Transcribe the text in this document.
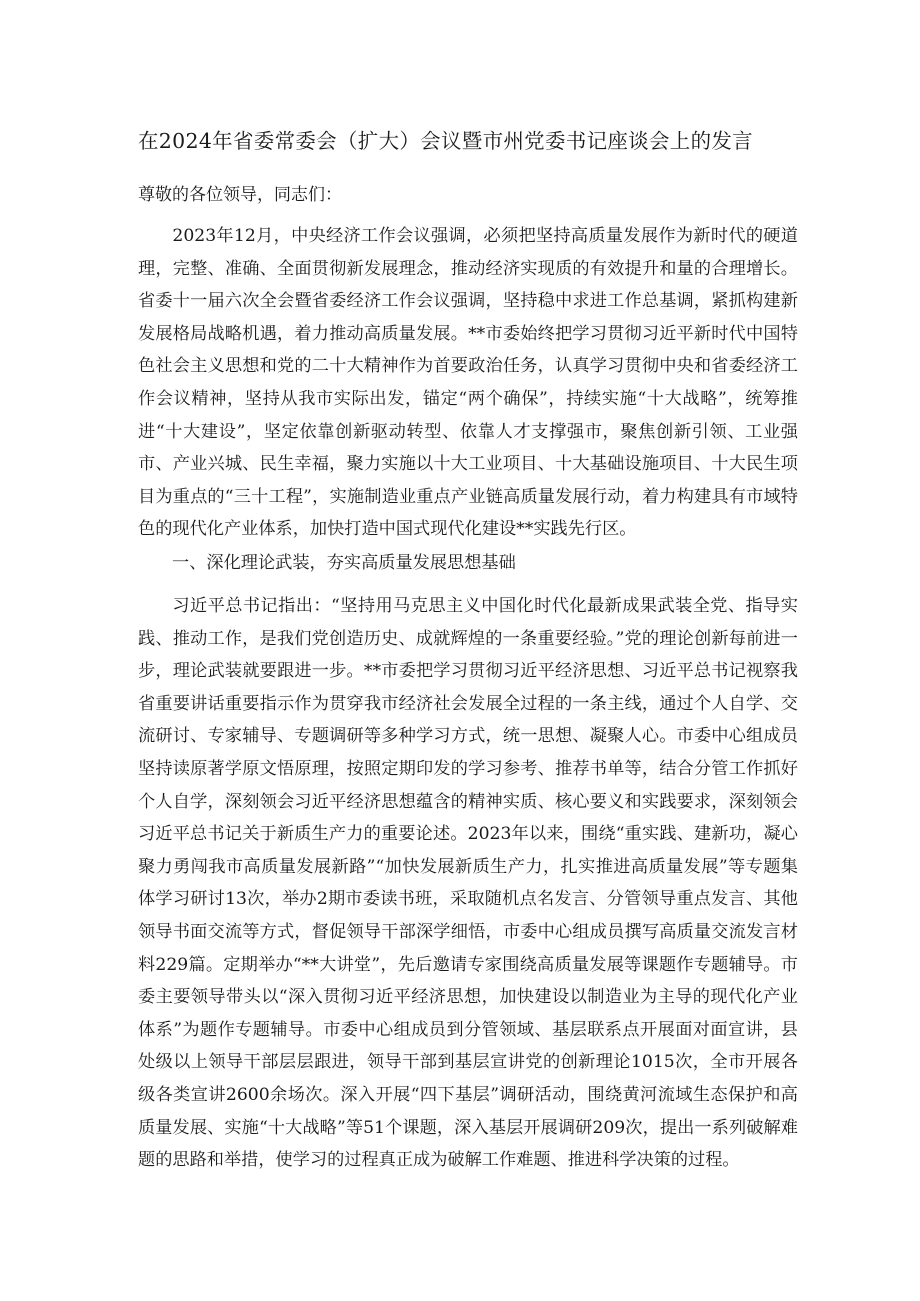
在2024年省委常委会（扩大）会议暨市州党委书记座谈会上的发言
尊敬的各位领导，同志们：

2023年12月，中央经济工作会议强调，必须把坚持高质量发展作为新时代的硬道理，完整、准确、全面贯彻新发展理念，推动经济实现质的有效提升和量的合理增长。省委十一届六次全会暨省委经济工作会议强调，坚持稳中求进工作总基调，紧抓构建新发展格局战略机遇，着力推动高质量发展。**市委始终把学习贯彻习近平新时代中国特色社会主义思想和党的二十大精神作为首要政治任务，认真学习贯彻中央和省委经济工作会议精神，坚持从我市实际出发，锚定“两个确保”，持续实施“十大战略”，统筹推进“十大建设”，坚定依靠创新驱动转型、依靠人才支撑强市，聚焦创新引领、工业强市、产业兴城、民生幸福，聚力实施以十大工业项目、十大基础设施项目、十大民生项目为重点的“三十工程”，实施制造业重点产业链高质量发展行动，着力构建具有市域特色的现代化产业体系，加快打造中国式现代化建设**实践先行区。

一、深化理论武装，夯实高质量发展思想基础

习近平总书记指出：“坚持用马克思主义中国化时代化最新成果武装全党、指导实践、推动工作，是我们党创造历史、成就辉煌的一条重要经验。”党的理论创新每前进一步，理论武装就要跟进一步。**市委把学习贯彻习近平经济思想、习近平总书记视察我省重要讲话重要指示作为贯穿我市经济社会发展全过程的一条主线，通过个人自学、交流研讨、专家辅导、专题调研等多种学习方式，统一思想、凝聚人心。市委中心组成员坚持读原著学原文悟原理，按照定期印发的学习参考、推荐书单等，结合分管工作抓好个人自学，深刻领会习近平经济思想蕴含的精神实质、核心要义和实践要求，深刻领会习近平总书记关于新质生产力的重要论述。2023年以来，围绕“重实践、建新功，凝心聚力勇闯我市高质量发展新路”“加快发展新质生产力，扎实推进高质量发展”等专题集体学习研讨13次，举办2期市委读书班，采取随机点名发言、分管领导重点发言、其他领导书面交流等方式，督促领导干部深学细悟，市委中心组成员撰写高质量交流发言材料229篇。定期举办“**大讲堂”，先后邀请专家围绕高质量发展等课题作专题辅导。市委主要领导带头以“深入贯彻习近平经济思想，加快建设以制造业为主导的现代化产业体系”为题作专题辅导。市委中心组成员到分管领域、基层联系点开展面对面宣讲，县处级以上领导干部层层跟进，领导干部到基层宣讲党的创新理论1015次，全市开展各级各类宣讲2600余场次。深入开展“四下基层”调研活动，围绕黄河流域生态保护和高质量发展、实施“十大战略”等51个课题，深入基层开展调研209次，提出一系列破解难题的思路和举措，使学习的过程真正成为破解工作难题、推进科学决策的过程。
